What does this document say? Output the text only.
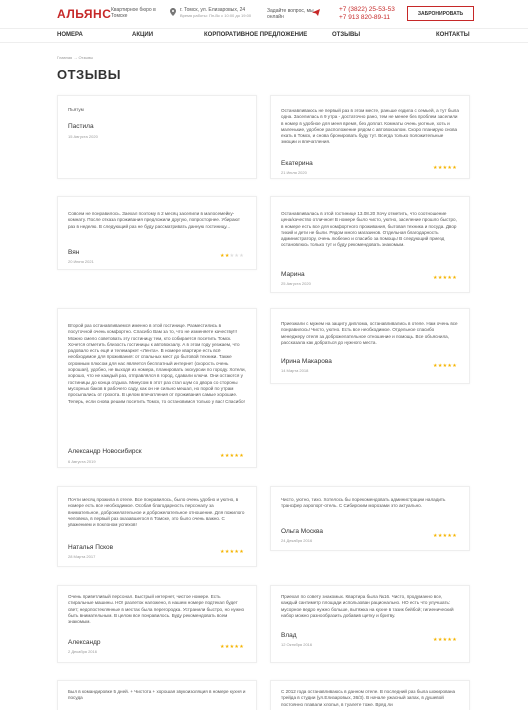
АЛЬЯНС Квартирное бюро в Томске
г. Томск, ул. Елизаровых, 24
Время работы: Пн-Вс с 10:00 до 19:00
Задайте вопрос, мы онлайн
+7 (3822) 25-53-53
+7 913 820-89-11
ЗАБРОНИРОВАТЬ
НОМЕРА	АКЦИИ	КОРПОРАТИВНОЕ ПРЕДЛОЖЕНИЕ	ОТЗЫВЫ	КОНТАКТЫ
Главная → Отзывы
ОТЗЫВЫ
Пьятум
Пастила
15 Августа 2020
Останавливаюсь не первый раз в этом месте, раньше ездила с семьей, а тут была одна. Заселилась в 9 утра - достаточно рано, тем не менее без проблем заселили в номер в удобное для меня время, без доплат. Комнаты очень уютные, хоть и маленькие, удобное расположение рядом с автовокзалом. Скоро планирую снова ехать в Томск, и снова бронировать буду тут. Всегда только положительные эмоции и впечатления.
Екатерина
21 Июля 2020
★★★★★
Совсем не понравилось. Заехал поэтому в 2 месяц заселили в малосемейку-комнату. После отказа проживания предложили другую, попросторнее. Убирают раз в неделю. В следующий раз не буду рассматривать данную гостиницу...
Вян
20 Июня 2021
★★★★★
Останавливалась в этой гостинице 13.08.20 Хочу отметить, что соотношение цена/качество отличное! В номере было чисто, уютно, заселение прошло быстро, в номере есть все для комфортного проживания, бытовая техника и посуда. Двор тихий и дети не были. Рядом много магазинов. Отдельная благодарность администратору, очень любезно и спасибо за помощь! В следующий приезд остановлюсь только тут и буду рекомендовать знакомым.
Марина
25 Августа 2020
★★★★★
Второй раз останавливаемся именно в этой гостинице. Разместились в посуточной очень комфортно. Спасибо Вам за то, что не изменяете качеству!!! Можно смело советовать эту гостиницу тем, кто собирается посетить Томск. Хочется отметить близость гостиницы к автовокзалу. А в этом году уезжаем, что радовало есть ещё и телемаркет «Лента». В номере квартире есть всё необходимое для проживания: от спальных мест до бытовой техники. Также огромным плюсом для нас является бесплатный интернет (скорость очень хорошая), удобно, не выходя из номера, планировать экскурсии по городу. Хотели, хорошо, что не каждый раз, отправлялся в город, сдавали ключи. Они остаются у гостиницы до конца отдыха. Минусом в этот раз стал шум со двора со стороны мусорных баков в рабочего саду, как он не сильно мешал, но порой по утрам просыпались от грохота. В целом впечатления от проживания самые хорошие. Теперь, если снова решим посетить Томск, то остановимся только у вас! Спасибо!
Александр Новосибирск
6 Августа 2019
★★★★★
Приезжали с мужем на защиту диплома, останавливались в отеле. Нам очень все понравилось! Чисто, уютно. Есть все необходимое. Отдельное спасибо менеджеру отеля за доброжелательное отношение и помощь. Все объяснила, рассказала как добраться до нужного места.
Ирина Макарова
14 Марта 2018
★★★★★
Почти месяц прожила в отеле. Все понравилось, было очень удобно и уютно, в номере есть все необходимое. Особая благодарность персоналу за внимательное, доброжелательное и доброжелательное отношение. Для пожилого человека, в первый раз оказавшегося в Томске, это было очень важно. С уважением и поклоном успехов!
Наталья Псков
28 Марта 2017
★★★★★
Чисто, уютно, тихо. Хотелось бы порекомендовать администрации наладить трансфер аэропорт-отель. С Сибирским морозами это актуально.
Ольга Москва
24 Декабря 2016
★★★★★
Очень приветливый персонал. Быстрый интернет, чистое номере. Есть стиральные машины. НО! разлеток наложено, в нашем номере подтекал будет свет; недопостеклянные в местах была перегородка. Устранили быстро, но нужно быть внимательным. В целом все понравилось. Буду рекомендовать всем знакомым.
Александр
2 Декабря 2016
★★★★★
Приехал по совету знакомых. Квартира была №16. Чисто, продуманно все, каждый сантиметр площади использован рационально. НО есть что улучшать: мусорное ведро нужно больше, вытяжка на кухне в тазик бейбой; гигиенический набор можно разнообразить добавив щетку и бритву.
Влад
12 Октября 2016
★★★★★
Был в командировке 5 дней. + Чистота + хорошая звукоизоляция в номере кухня и посуда
С 2012 года останавливаюсь в данном отеле. В последний раз была шокирована трейда в студии (ул.Елизаровых, 36/3). В начале ужасный запах, в душевой постоянно плавали хлопья, в туалете тоже. Вряд ли
